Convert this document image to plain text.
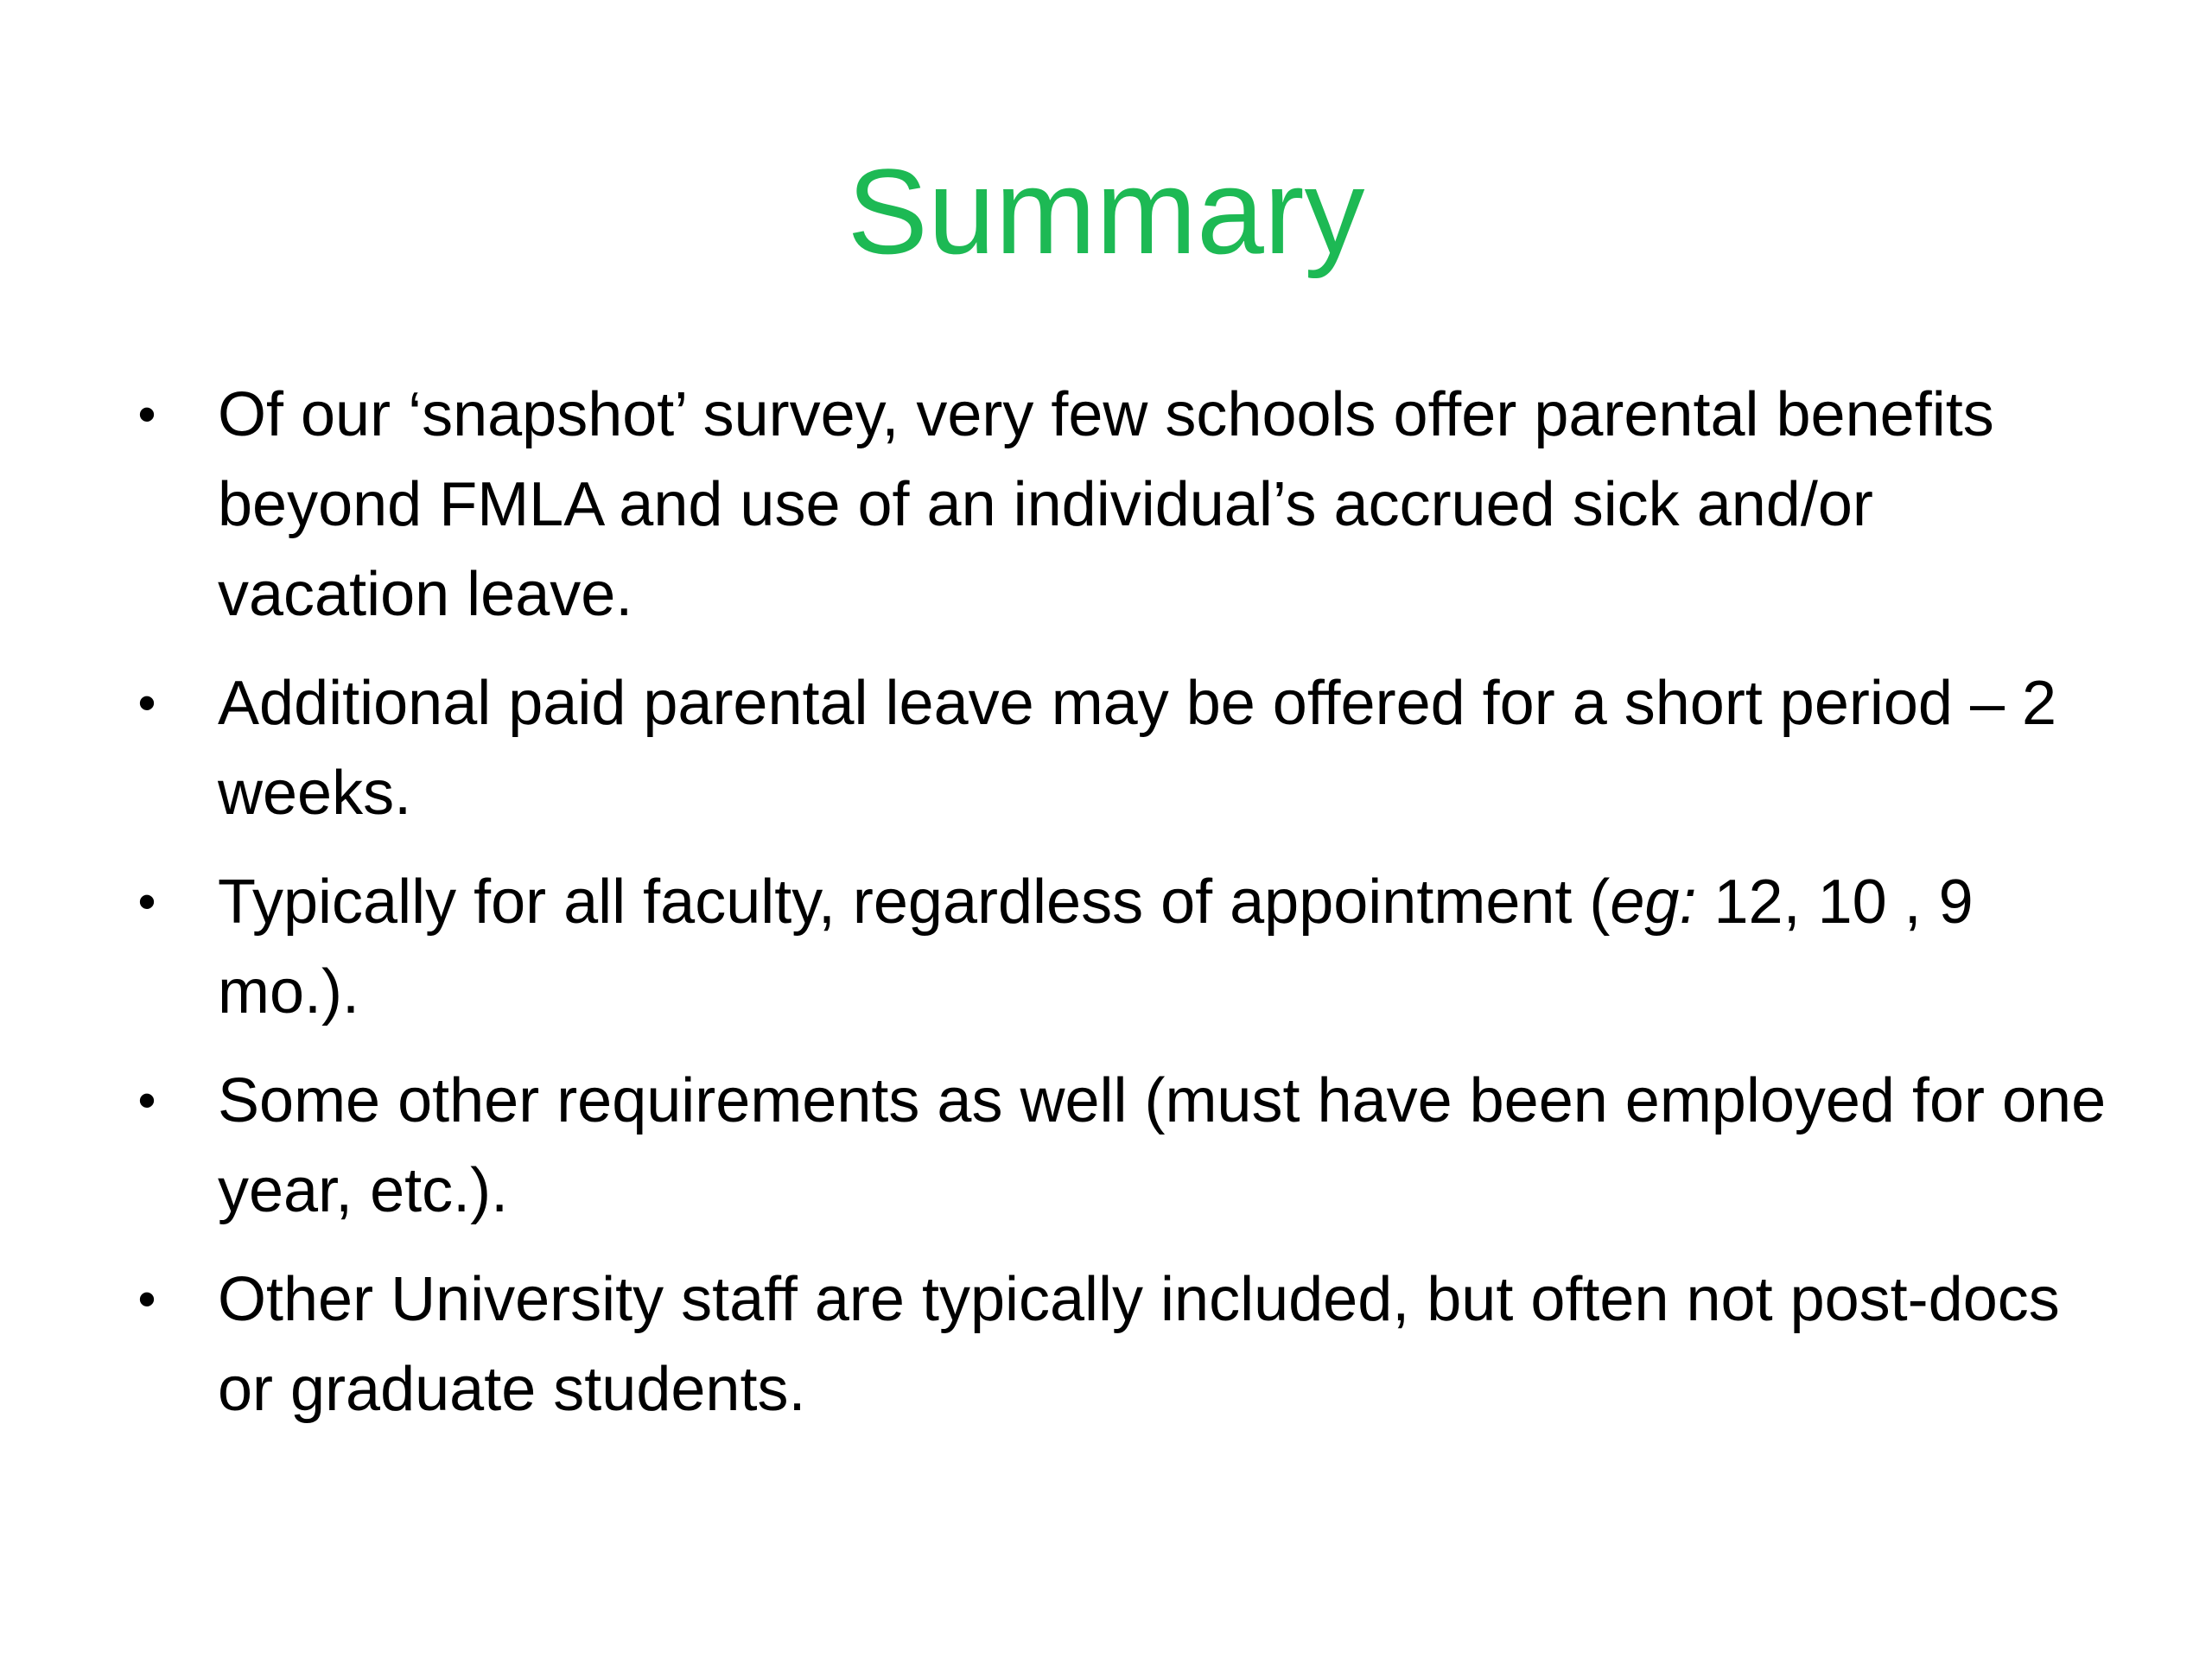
Summary
• Of our ‘snapshot’ survey, very few schools offer parental benefits beyond FMLA and use of an individual’s accrued sick and/or vacation leave.
• Additional paid parental leave may be offered for a short period – 2 weeks.
• Typically for all faculty, regardless of appointment (eg: 12, 10 , 9 mo.).
• Some other requirements as well (must have been employed for one year, etc.).
• Other University staff are typically included, but often not post-docs or graduate students.
